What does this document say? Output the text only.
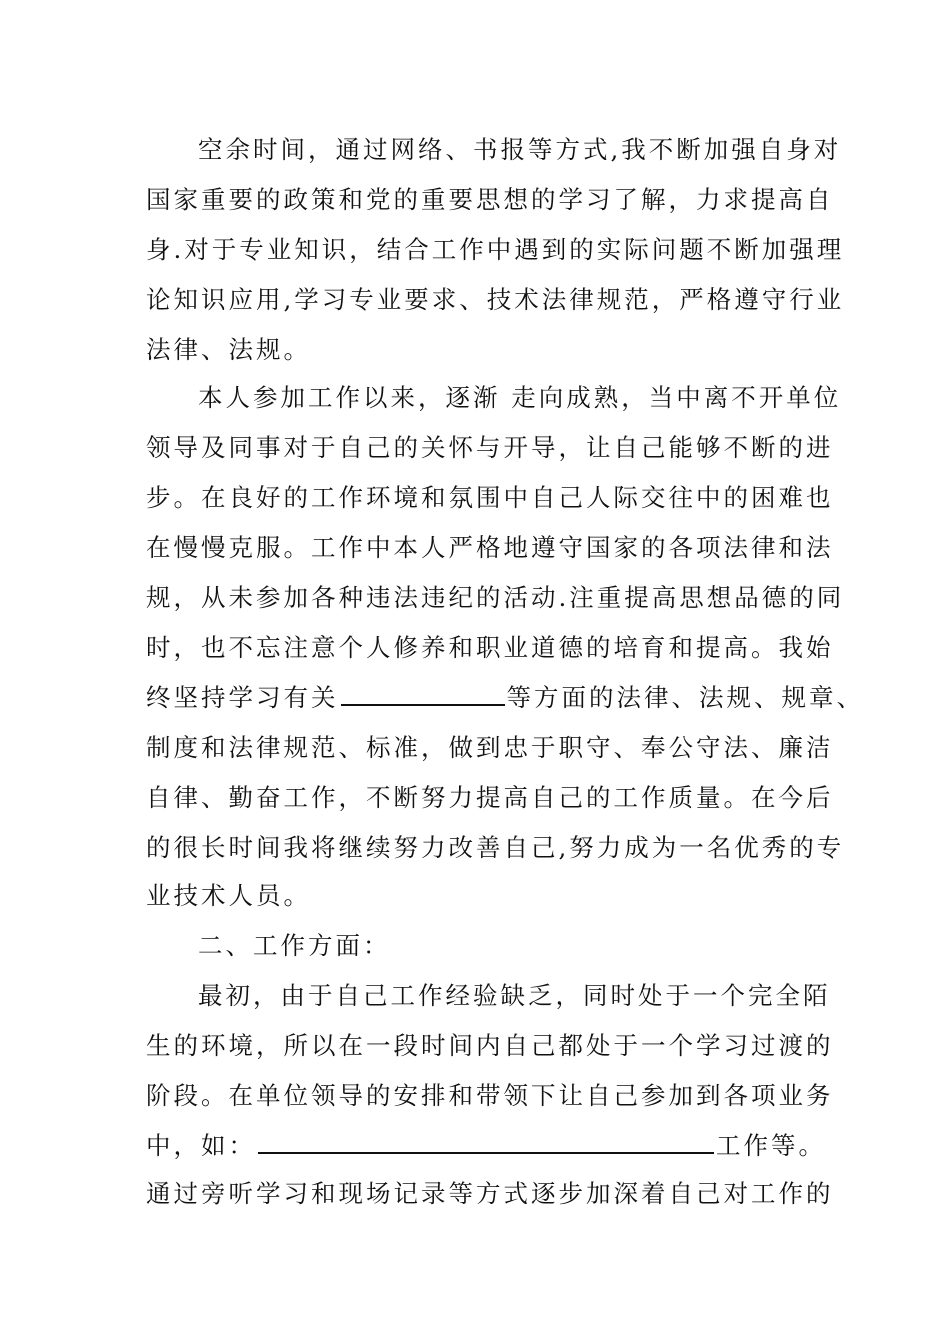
空余时间，通过网络、书报等方式,我不断加强自身对
国家重要的政策和党的重要思想的学习了解，力求提高自
身.对于专业知识，结合工作中遇到的实际问题不断加强理
论知识应用,学习专业要求、技术法律规范，严格遵守行业
法律、法规。
本人参加工作以来，逐渐 走向成熟，当中离不开单位
领导及同事对于自己的关怀与开导，让自己能够不断的进
步。在良好的工作环境和氛围中自己人际交往中的困难也
在慢慢克服。工作中本人严格地遵守国家的各项法律和法
规，从未参加各种违法违纪的活动.注重提高思想品德的同
时，也不忘注意个人修养和职业道德的培育和提高。我始
终坚持学习有关	等方面的法律、法规、规章、
制度和法律规范、标准，做到忠于职守、奉公守法、廉洁
自律、勤奋工作，不断努力提高自己的工作质量。在今后
的很长时间我将继续努力改善自己,努力成为一名优秀的专
业技术人员。
二、工作方面：
最初，由于自己工作经验缺乏，同时处于一个完全陌
生的环境，所以在一段时间内自己都处于一个学习过渡的
阶段。在单位领导的安排和带领下让自己参加到各项业务
中，如：	工作等。
通过旁听学习和现场记录等方式逐步加深着自己对工作的
